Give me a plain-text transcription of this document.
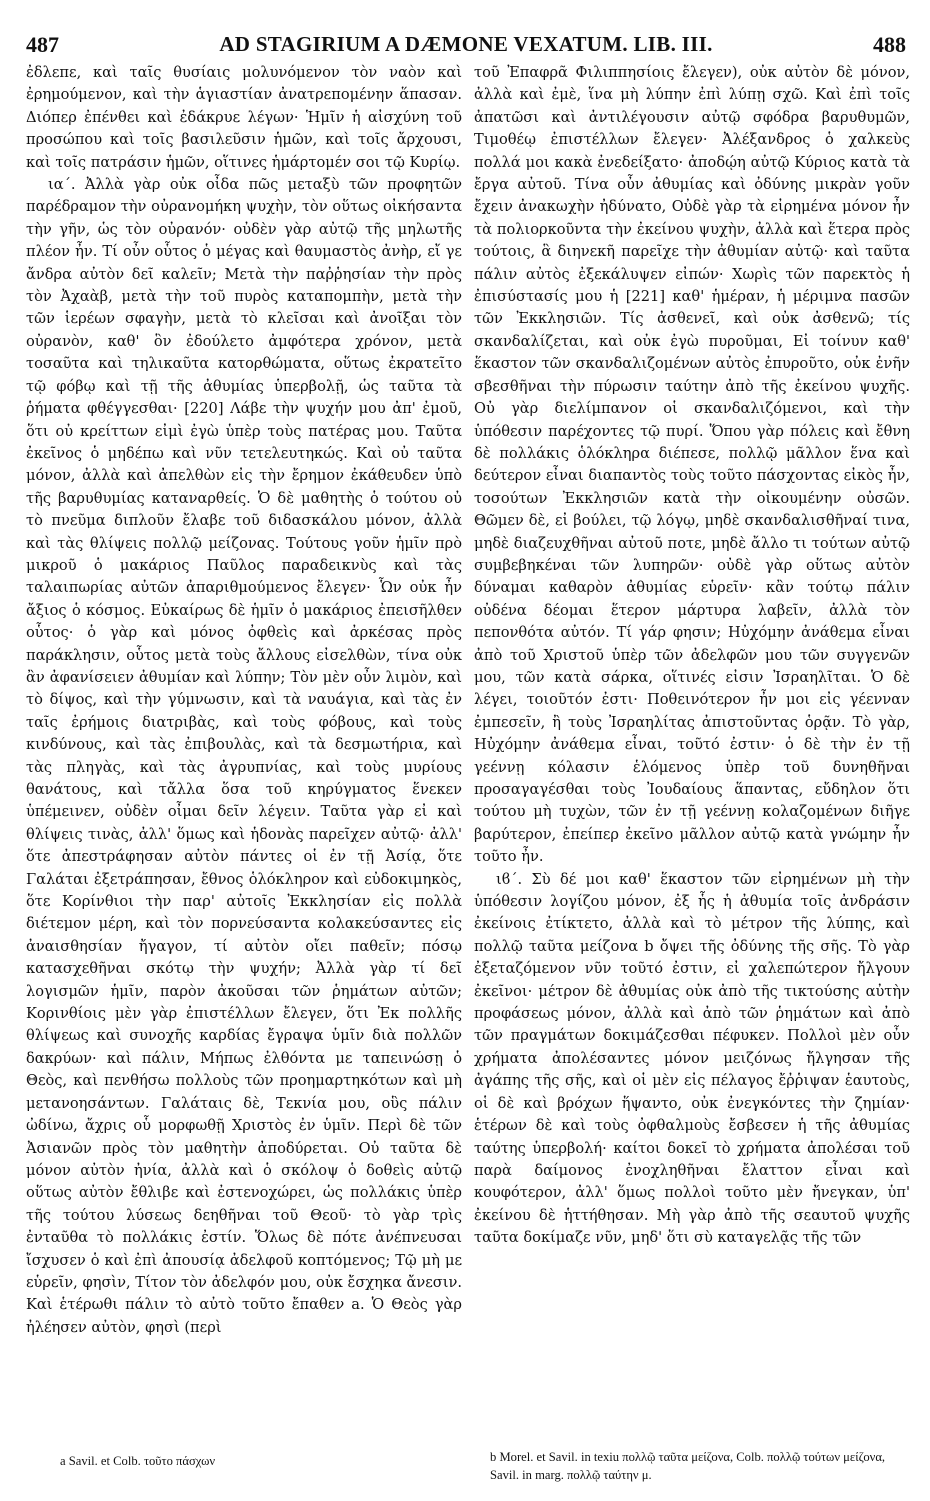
487	AD STAGIRIUM A DÆMONE VEXATUM. LIB. III.	488

ἐδλεπε, καὶ ταῖς θυσίαις μολυνόμενον τὸν ναὸν καὶ ἐρημούμενον, καὶ τὴν ἁγιαστίαν ἀνατρεπομένην ἅπασαν. Διόπερ ἐπένθει καὶ ἐδάκρυε λέγων· Ἡμῖν ἡ αἰσχύνη τοῦ προσώπου καὶ τοῖς βασιλεῦσιν ἡμῶν, καὶ τοῖς ἄρχουσι, καὶ τοῖς πατράσιν ἡμῶν, οἵτινες ἡμάρτομέν σοι τῷ Κυρίῳ.

ια΄. Ἀλλὰ γὰρ οὐκ οἶδα πῶς μεταξὺ τῶν προφητῶν παρέδραμον τὴν οὐρανομήκη ψυχὴν, τὸν οὕτως οἰκήσαντα τὴν γῆν, ὡς τὸν οὐρανόν· οὐδὲν γὰρ αὐτῷ τῆς μηλωτῆς πλέον ἦν. Τί οὖν οὗτος ὁ μέγας καὶ θαυμαστὸς ἀνὴρ, εἴ γε ἄνδρα αὐτὸν δεῖ καλεῖν; Μετὰ τὴν παῤῥησίαν τὴν πρὸς τὸν Ἀχαὰβ, μετὰ τὴν τοῦ πυρὸς καταπομπὴν, μετὰ τὴν τῶν ἱερέων σφαγὴν, μετὰ τὸ κλεῖσαι καὶ ἀνοῖξαι τὸν οὐρανὸν, καθ' ὃν ἐδούλετο ἀμφότερα χρόνον, μετὰ τοσαῦτα καὶ τηλικαῦτα κατορθώματα, οὕτως ἐκρατεῖτο τῷ φόβῳ καὶ τῇ τῆς ἀθυμίας ὑπερβολῇ, ὡς ταῦτα τὰ ῥήματα φθέγγεσθαι· [220] Λάβε τὴν ψυχήν μου ἀπ' ἐμοῦ, ὅτι οὐ κρείττων εἰμὶ ἐγὼ ὑπὲρ τοὺς πατέρας μου. Ταῦτα ἐκεῖνος ὁ μηδέπω καὶ νῦν τετελευτηκώς. Καὶ οὐ ταῦτα μόνον, ἀλλὰ καὶ ἀπελθὼν εἰς τὴν ἔρημον ἐκάθευδεν ὑπὸ τῆς βαρυθυμίας καταναρθείς. Ὁ δὲ μαθητὴς ὁ τούτου οὐ τὸ πνεῦμα διπλοῦν ἔλαβε τοῦ διδασκάλου μόνον, ἀλλὰ καὶ τὰς θλίψεις πολλῷ μείζονας. Τούτους γοῦν ἡμῖν πρὸ μικροῦ ὁ μακάριος Παῦλος παραδεικνὺς καὶ τὰς ταλαιπωρίας αὐτῶν ἀπαριθμούμενος ἔλεγεν· Ὧν οὐκ ἦν ἄξιος ὁ κόσμος. Εὐκαίρως δὲ ἡμῖν ὁ μακάριος ἐπεισῆλθεν οὗτος· ὁ γὰρ καὶ μόνος ὀφθεὶς καὶ ἀρκέσας πρὸς παράκλησιν, οὗτος μετὰ τοὺς ἄλλους εἰσελθὼν, τίνα οὐκ ἂν ἀφανίσειεν ἀθυμίαν καὶ λύπην; Τὸν μὲν οὖν λιμὸν, καὶ τὸ δίψος, καὶ τὴν γύμνωσιν, καὶ τὰ ναυάγια, καὶ τὰς ἐν ταῖς ἐρήμοις διατριβὰς, καὶ τοὺς φόβους, καὶ τοὺς κινδύνους, καὶ τὰς ἐπιβουλὰς, καὶ τὰ δεσμωτήρια, καὶ τὰς πληγὰς, καὶ τὰς ἀγρυπνίας, καὶ τοὺς μυρίους θανάτους, καὶ τἄλλα ὅσα τοῦ κηρύγματος ἕνεκεν ὑπέμεινεν, οὐδὲν οἶμαι δεῖν λέγειν. Ταῦτα γὰρ εἰ καὶ θλίψεις τινὰς, ἀλλ' ὅμως καὶ ἡδονὰς παρεῖχεν αὐτῷ· ἀλλ' ὅτε ἀπεστράφησαν αὐτὸν πάντες οἱ ἐν τῇ Ἀσίᾳ, ὅτε Γαλάται ἐξετράπησαν, ἔθνος ὁλόκληρον καὶ εὐδοκιμηκὸς, ὅτε Κορίνθιοι τὴν παρ' αὐτοῖς Ἐκκλησίαν εἰς πολλὰ διέτεμον μέρη, καὶ τὸν πορνεύσαντα κολακεύσαντες εἰς ἀναισθησίαν ἤγαγον, τί αὐτὸν οἴει παθεῖν; πόσῳ κατασχεθῆναι σκότῳ τὴν ψυχήν; Ἀλλὰ γὰρ τί δεῖ λογισμῶν ἡμῖν, παρὸν ἀκοῦσαι τῶν ῥημάτων αὐτῶν; Κορινθίοις μὲν γὰρ ἐπιστέλλων ἔλεγεν, ὅτι Ἐκ πολλῆς θλίψεως καὶ συνοχῆς καρδίας ἔγραψα ὑμῖν διὰ πολλῶν δακρύων· καὶ πάλιν, Μήπως ἐλθόντα με ταπεινώσῃ ὁ Θεὸς, καὶ πενθήσω πολλοὺς τῶν προημαρτηκότων καὶ μὴ μετανοησάντων. Γαλάταις δὲ, Τεκνία μου, οὓς πάλιν ὠδίνω, ἄχρις οὗ μορφωθῇ Χριστὸς ἐν ὑμῖν. Περὶ δὲ τῶν Ἀσιανῶν πρὸς τὸν μαθητὴν ἀποδύρεται. Οὐ ταῦτα δὲ μόνον αὐτὸν ἠνία, ἀλλὰ καὶ ὁ σκόλοψ ὁ δοθεὶς αὐτῷ οὕτως αὐτὸν ἔθλιβε καὶ ἐστενοχώρει, ὡς πολλάκις ὑπὲρ τῆς τούτου λύσεως δεηθῆναι τοῦ Θεοῦ· τὸ γὰρ τρὶς ἐνταῦθα τὸ πολλάκις ἐστίν. Ὅλως δὲ πότε ἀνέπνευσαι ἴσχυσεν ὁ καὶ ἐπὶ ἀπουσίᾳ ἀδελφοῦ κοπτόμενος; Τῷ μὴ με εὑρεῖν, φησὶν, Τίτον τὸν ἀδελφόν μου, οὐκ ἔσχηκα ἄνεσιν. Καὶ ἑτέρωθι πάλιν τὸ αὐτὸ τοῦτο ἔπαθεν a. Ὁ Θεὸς γὰρ ἠλέησεν αὐτὸν, φησὶ (περὶ

τοῦ Ἐπαφρᾶ Φιλιππησίοις ἔλεγεν), οὐκ αὐτὸν δὲ μόνον, ἀλλὰ καὶ ἐμὲ, ἵνα μὴ λύπην ἐπὶ λύπῃ σχῶ. Καὶ ἐπὶ τοῖς ἀπατῶσι καὶ ἀντιλέγουσιν αὐτῷ σφόδρα βαρυθυμῶν, Τιμοθέῳ ἐπιστέλλων ἔλεγεν· Ἀλέξανδρος ὁ χαλκεὺς πολλά μοι κακὰ ἐνεδείξατο· ἀποδῴη αὐτῷ Κύριος κατὰ τὰ ἔργα αὐτοῦ. Τίνα οὖν ἀθυμίας καὶ ὀδύνης μικρὰν γοῦν ἔχειν ἀνακωχὴν ἠδύνατο, Οὐδὲ γὰρ τὰ εἰρημένα μόνον ἦν τὰ πολιορκοῦντα τὴν ἐκείνου ψυχὴν, ἀλλὰ καὶ ἕτερα πρὸς τούτοις, ἃ διηνεκῆ παρεῖχε τὴν ἀθυμίαν αὐτῷ· καὶ ταῦτα πάλιν αὐτὸς ἐξεκάλυψεν εἰπών· Χωρὶς τῶν παρεκτὸς ἡ ἐπισύστασίς μου ἡ [221] καθ' ἡμέραν, ἡ μέριμνα πασῶν τῶν Ἐκκλησιῶν. Τίς ἀσθενεῖ, καὶ οὐκ ἀσθενῶ; τίς σκανδαλίζεται, καὶ οὐκ ἐγὼ πυροῦμαι, Εἰ τοίνυν καθ' ἕκαστον τῶν σκανδαλιζομένων αὐτὸς ἐπυροῦτο, οὐκ ἐνῆν σβεσθῆναι τὴν πύρωσιν ταύτην ἀπὸ τῆς ἐκείνου ψυχῆς. Οὐ γὰρ διελίμπανον οἱ σκανδαλιζόμενοι, καὶ τὴν ὑπόθεσιν παρέχοντες τῷ πυρί. Ὅπου γὰρ πόλεις καὶ ἔθνη δὲ πολλάκις ὁλόκληρα διέπεσε, πολλῷ μᾶλλον ἕνα καὶ δεύτερον εἶναι διαπαντὸς τοὺς τοῦτο πάσχοντας εἰκὸς ἦν, τοσούτων Ἐκκλησιῶν κατὰ τὴν οἰκουμένην οὐσῶν. Θῶμεν δὲ, εἰ βούλει, τῷ λόγῳ, μηδὲ σκανδαλισθῆναί τινα, μηδὲ διαζευχθῆναι αὐτοῦ ποτε, μηδὲ ἄλλο τι τούτων αὐτῷ συμβεβηκέναι τῶν λυπηρῶν· οὐδὲ γὰρ οὕτως αὐτὸν δύναμαι καθαρὸν ἀθυμίας εὑρεῖν· κἂν τούτῳ πάλιν οὐδένα δέομαι ἕτερον μάρτυρα λαβεῖν, ἀλλὰ τὸν πεπονθότα αὐτόν. Τί γάρ φησιν; Ηὐχόμην ἀνάθεμα εἶναι ἀπὸ τοῦ Χριστοῦ ὑπὲρ τῶν ἀδελφῶν μου τῶν συγγενῶν μου, τῶν κατὰ σάρκα, οἵτινές εἰσιν Ἰσραηλῖται. Ὁ δὲ λέγει, τοιοῦτόν ἐστι· Ποθεινότερον ἦν μοι εἰς γέενναν ἐμπεσεῖν, ἢ τοὺς Ἰσραηλίτας ἀπιστοῦντας ὁρᾷν. Τὸ γὰρ, Ηὐχόμην ἀνάθεμα εἶναι, τοῦτό ἐστιν· ὁ δὲ τὴν ἐν τῇ γεέννῃ κόλασιν ἑλόμενος ὑπὲρ τοῦ δυνηθῆναι προσαγαγέσθαι τοὺς Ἰουδαίους ἅπαντας, εὔδηλον ὅτι τούτου μὴ τυχὼν, τῶν ἐν τῇ γεέννῃ κολαζομένων διῆγε βαρύτερον, ἐπείπερ ἐκεῖνο μᾶλλον αὐτῷ κατὰ γνώμην ἦν τοῦτο ἦν.

ιϐ΄. Σὺ δέ μοι καθ' ἕκαστον τῶν εἰρημένων μὴ τὴν ὑπόθεσιν λογίζου μόνον, ἐξ ἧς ἡ ἀθυμία τοῖς ἀνδράσιν ἐκείνοις ἐτίκτετο, ἀλλὰ καὶ τὸ μέτρον τῆς λύπης, καὶ πολλῷ ταῦτα μείζονα b ὄψει τῆς ὀδύνης τῆς σῆς. Τὸ γὰρ ἐξεταζόμενον νῦν τοῦτό ἐστιν, εἰ χαλεπώτερον ἤλγουν ἐκεῖνοι· μέτρον δὲ ἀθυμίας οὐκ ἀπὸ τῆς τικτούσης αὐτὴν προφάσεως μόνον, ἀλλὰ καὶ ἀπὸ τῶν ῥημάτων καὶ ἀπὸ τῶν πραγμάτων δοκιμάζεσθαι πέφυκεν. Πολλοὶ μὲν οὖν χρήματα ἀπολέσαντες μόνον μειζόνως ἤλγησαν τῆς ἀγάπης τῆς σῆς, καὶ οἱ μὲν εἰς πέλαγος ἔῤῥιψαν ἑαυτοὺς, οἱ δὲ καὶ βρόχων ἥψαντο, οὐκ ἐνεγκόντες τὴν ζημίαν· ἑτέρων δὲ καὶ τοὺς ὀφθαλμοὺς ἔσβεσεν ἡ τῆς ἀθυμίας ταύτης ὑπερβολή· καίτοι δοκεῖ τὸ χρήματα ἀπολέσαι τοῦ παρὰ δαίμονος ἐνοχληθῆναι ἔλαττον εἶναι καὶ κουφότερον, ἀλλ' ὅμως πολλοὶ τοῦτο μὲν ἤνεγκαν, ὑπ' ἐκείνου δὲ ἡττήθησαν. Μὴ γὰρ ἀπὸ τῆς σεαυτοῦ ψυχῆς ταῦτα δοκίμαζε νῦν, μηδ' ὅτι σὺ καταγελᾷς τῆς τῶν

a Savil. et Colb. τοῦτο πάσχων	b Morel. et Savil. in texiu πολλῷ ταῦτα μείζονα, Colb. πολλῷ τούτων μείζονα, Savil. in marg. πολλῷ ταύτην μ.
